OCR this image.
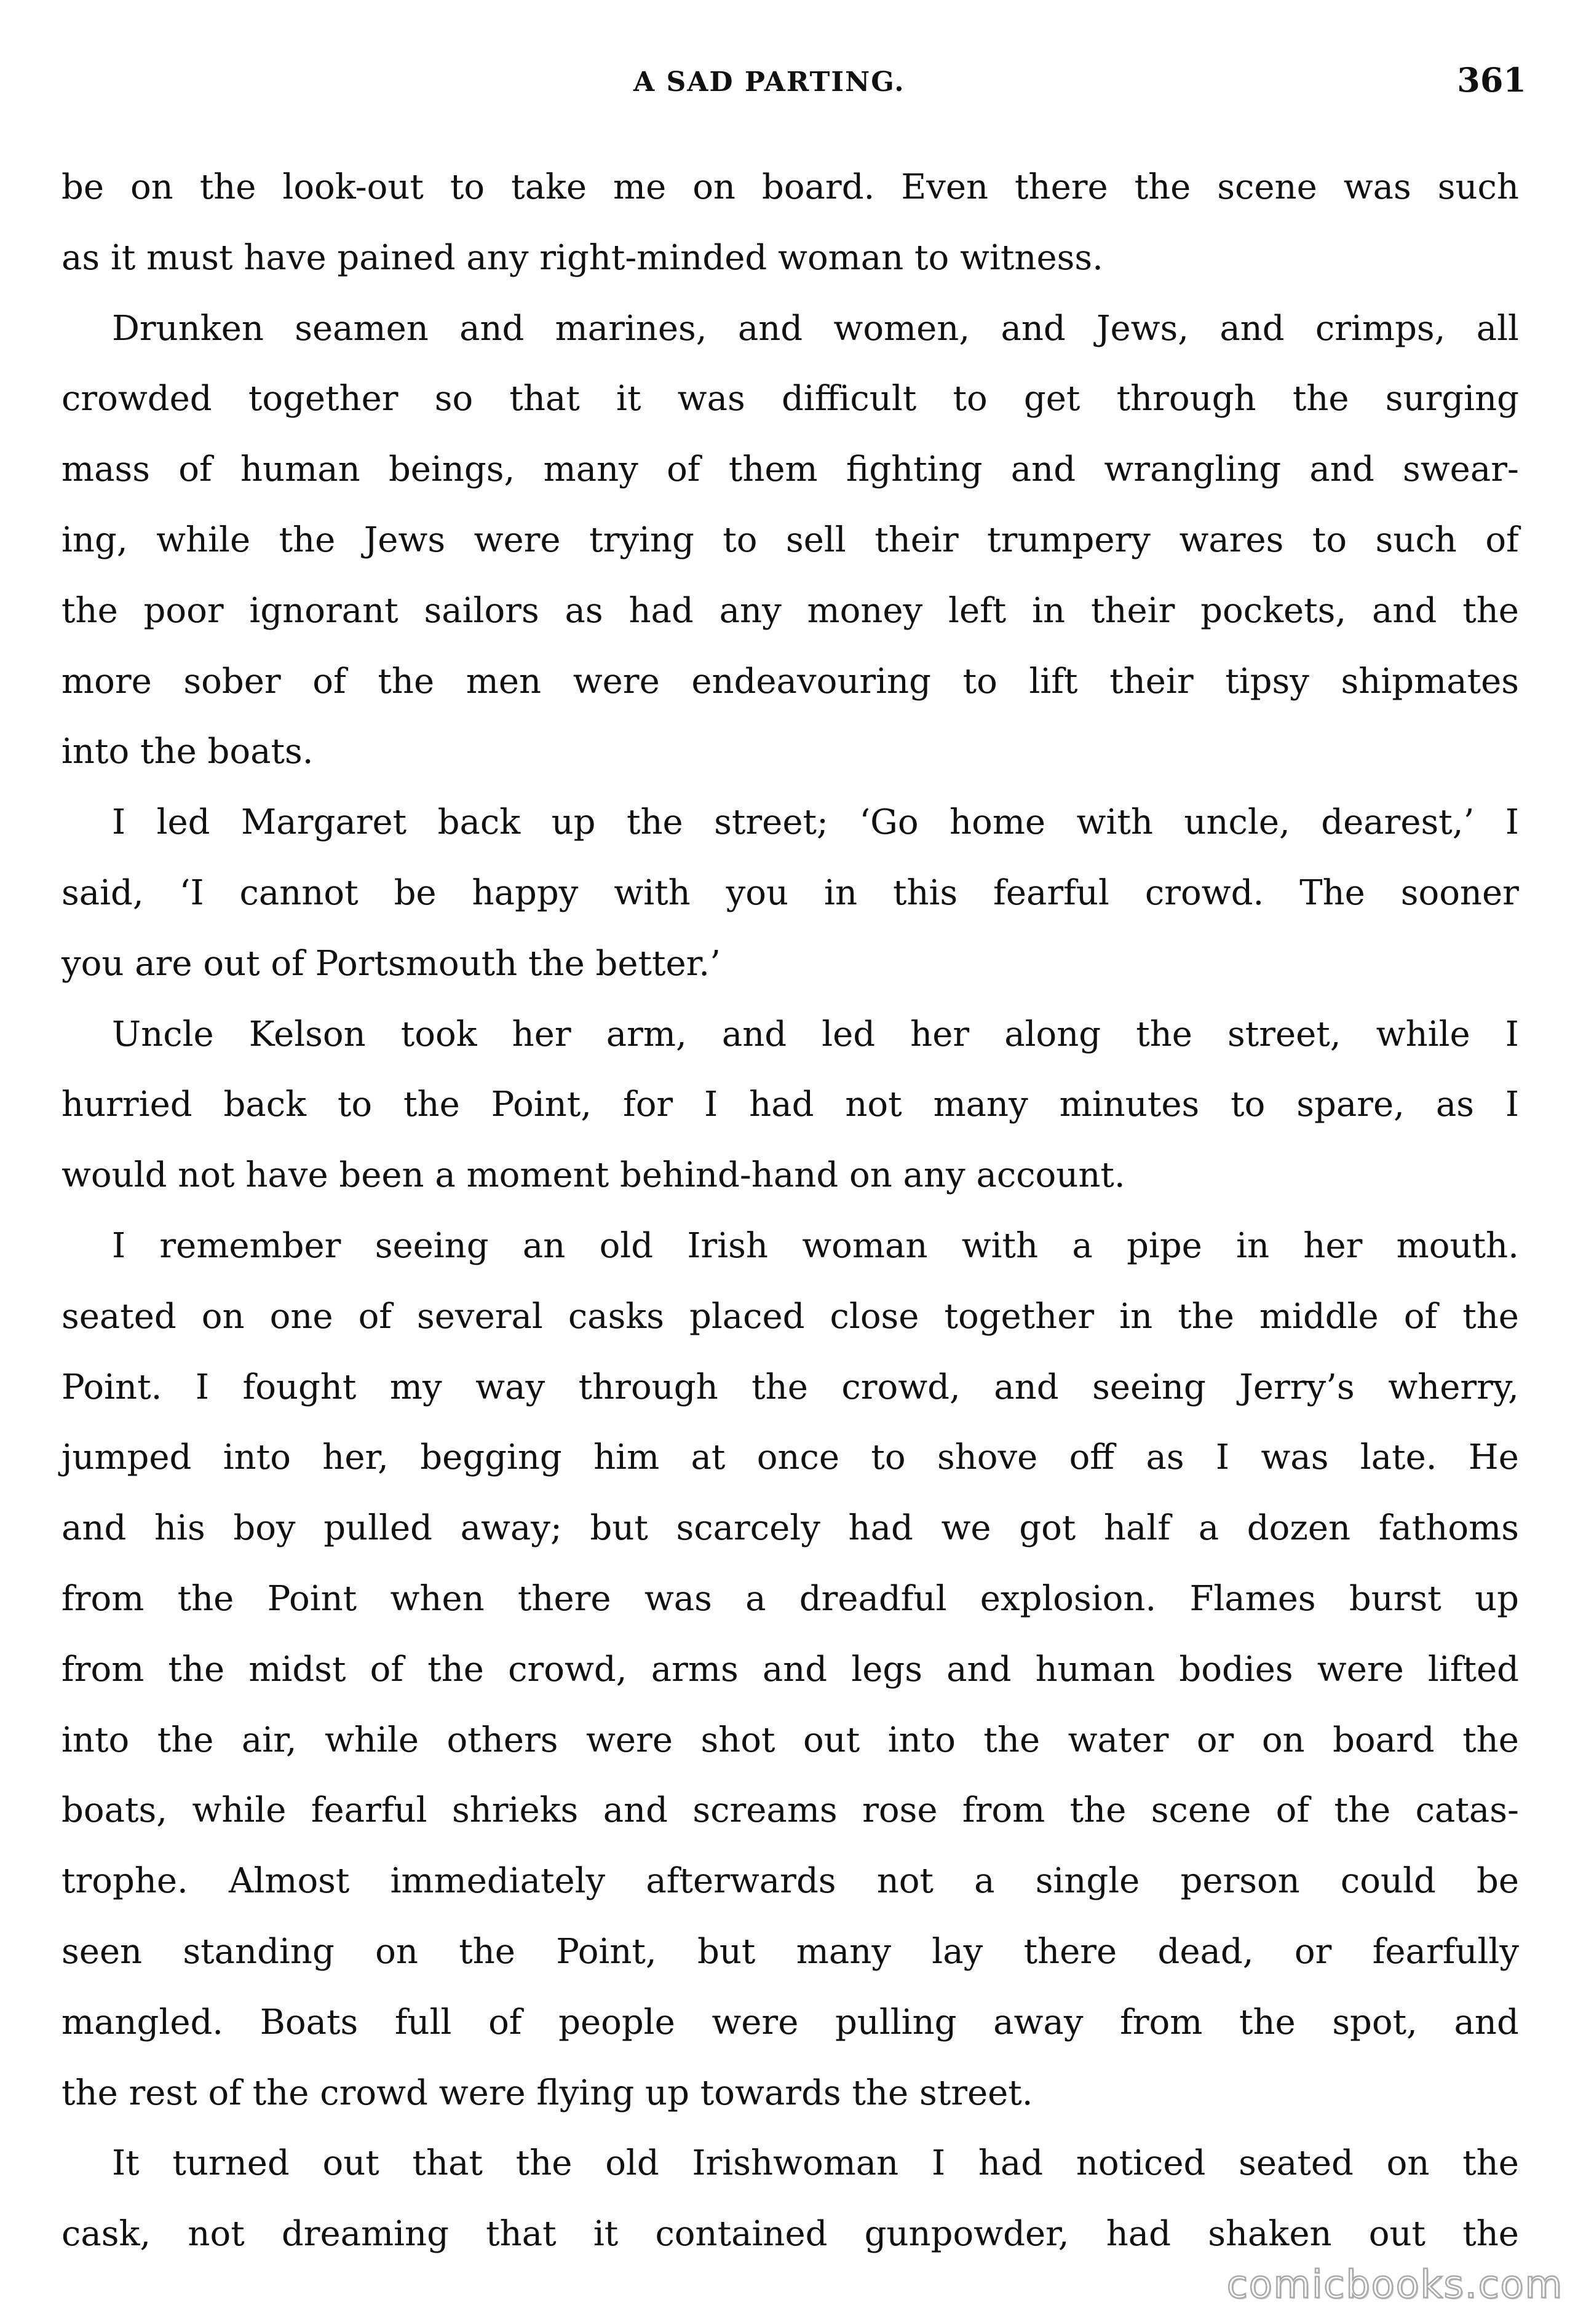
A SAD PARTING.	361
be on the look-out to take me on board. Even there the scene was such
as it must have pained any right-minded woman to witness.
Drunken seamen and marines, and women, and Jews, and crimps, all
crowded together so that it was difficult to get through the surging
mass of human beings, many of them fighting and wrangling and swear-
ing, while the Jews were trying to sell their trumpery wares to such of
the poor ignorant sailors as had any money left in their pockets, and the
more sober of the men were endeavouring to lift their tipsy shipmates
into the boats.
I led Margaret back up the street; ‘Go home with uncle, dearest,’ I
said, ‘I cannot be happy with you in this fearful crowd. The sooner
you are out of Portsmouth the better.’
Uncle Kelson took her arm, and led her along the street, while I
hurried back to the Point, for I had not many minutes to spare, as I
would not have been a moment behind-hand on any account.
I remember seeing an old Irish woman with a pipe in her mouth.
seated on one of several casks placed close together in the middle of the
Point. I fought my way through the crowd, and seeing Jerry’s wherry,
jumped into her, begging him at once to shove off as I was late. He
and his boy pulled away; but scarcely had we got half a dozen fathoms
from the Point when there was a dreadful explosion. Flames burst up
from the midst of the crowd, arms and legs and human bodies were lifted
into the air, while others were shot out into the water or on board the
boats, while fearful shrieks and screams rose from the scene of the catas-
trophe. Almost immediately afterwards not a single person could be
seen standing on the Point, but many lay there dead, or fearfully
mangled. Boats full of people were pulling away from the spot, and
the rest of the crowd were flying up towards the street.
It turned out that the old Irishwoman I had noticed seated on the
cask, not dreaming that it contained gunpowder, had shaken out the
comicbooks.com
